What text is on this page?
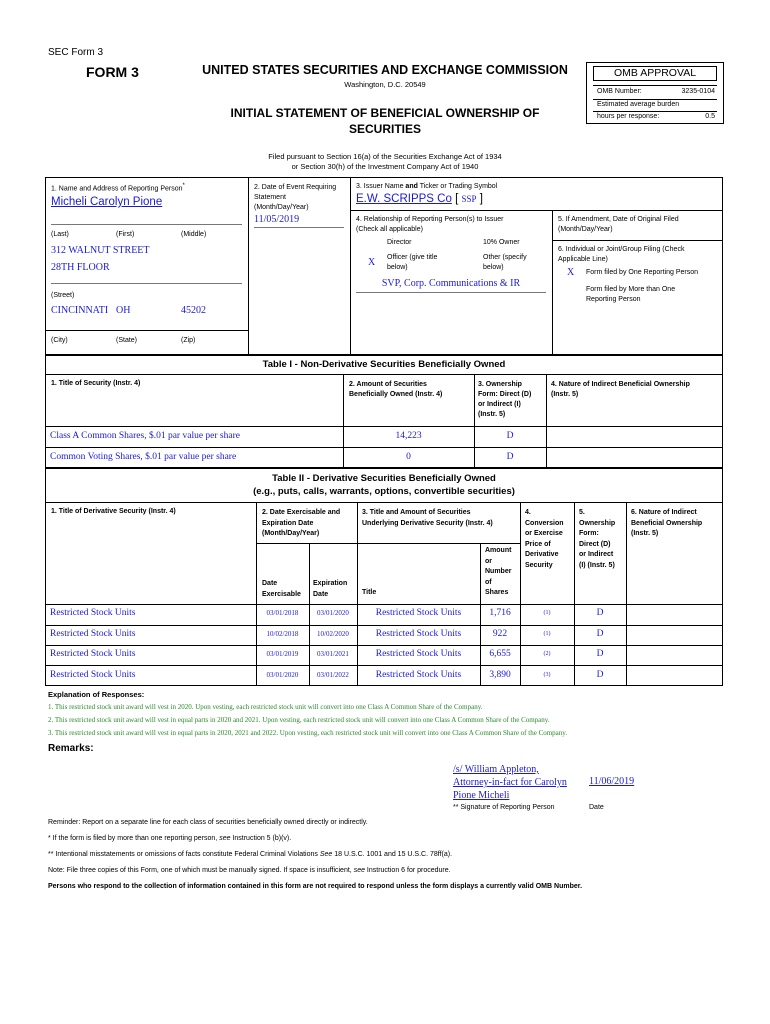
SEC Form 3
FORM 3	UNITED STATES SECURITIES AND EXCHANGE COMMISSION
Washington, D.C. 20549
INITIAL STATEMENT OF BENEFICIAL OWNERSHIP OF
SECURITIES
Filed pursuant to Section 16(a) of the Securities Exchange Act of 1934
or Section 30(h) of the Investment Company Act of 1940
OMB APPROVAL
OMB Number:	3235-0104
Estimated average burden
hours per response:	0.5
1. Name and Address of Reporting Person*
Micheli Carolyn Pione
(Last)	(First)	(Middle)
312 WALNUT STREET
28TH FLOOR
(Street)
CINCINNATI OH	45202
(City)	(State)	(Zip)
2. Date of Event Requiring
Statement
(Month/Day/Year)
11/05/2019
3. Issuer Name and Ticker or Trading Symbol
E.W. SCRIPPS Co [ SSP ]
4. Relationship of Reporting Person(s) to Issuer
(Check all applicable)
Director	10% Owner
X Officer (give title
below)
Other (specify
below)
SVP, Corp. Communications & IR
5. If Amendment, Date of Original Filed
(Month/Day/Year)
6. Individual or Joint/Group Filing (Check
Applicable Line)
X Form filed by One Reporting Person
Form filed by More than One
Reporting Person
Table I - Non-Derivative Securities Beneficially Owned
1. Title of Security (Instr. 4)	2. Amount of Securities
Beneficially Owned (Instr. 4)
3. Ownership
Form: Direct (D)
or Indirect (I)
(Instr. 5)
4. Nature of Indirect Beneficial Ownership
(Instr. 5)
Class A Common Shares, $.01 par value per share	14,223	D
Common Voting Shares, $.01 par value per share	0	D
Table II - Derivative Securities Beneficially Owned
(e.g., puts, calls, warrants, options, convertible securities)
1. Title of Derivative Security (Instr. 4)	2. Date Exercisable and
Expiration Date
(Month/Day/Year)
Date
Exercisable
Expiration
Date
3. Title and Amount of Securities
Underlying Derivative Security (Instr. 4)
Title
Amount
or
Number
of
Shares
4.
Conversion
or Exercise
Price of
Derivative
Security
5.
Ownership
Form:
Direct (D)
or Indirect
(I) (Instr. 5)
6. Nature of Indirect
Beneficial Ownership
(Instr. 5)
Restricted Stock Units	03/01/2018	03/01/2020	Restricted Stock Units	1,716	(1)	D
Restricted Stock Units	10/02/2018	10/02/2020	Restricted Stock Units	922	(1)	D
Restricted Stock Units	03/01/2019	03/01/2021	Restricted Stock Units	6,655	(2)	D
Restricted Stock Units	03/01/2020	03/01/2022	Restricted Stock Units	3,890	(3)	D
Explanation of Responses:
1. This restricted stock unit award will vest in 2020. Upon vesting, each restricted stock unit will convert into one Class A Common Share of the Company.
2. This restricted stock unit award will vest in equal parts in 2020 and 2021. Upon vesting, each restricted stock unit will convert into one Class A Common Share of the Company.
3. This restricted stock unit award will vest in equal parts in 2020, 2021 and 2022. Upon vesting, each restricted stock unit will convert into one Class A Common Share of the Company.
Remarks:
/s/ William Appleton,
Attorney-in-fact for Carolyn
Pione Micheli
11/06/2019
** Signature of Reporting Person	Date
Reminder: Report on a separate line for each class of securities beneficially owned directly or indirectly.
* If the form is filed by more than one reporting person, see Instruction 5 (b)(v).
** Intentional misstatements or omissions of facts constitute Federal Criminal Violations See 18 U.S.C. 1001 and 15 U.S.C. 78ff(a).
Note: File three copies of this Form, one of which must be manually signed. If space is insufficient, see Instruction 6 for procedure.
Persons who respond to the collection of information contained in this form are not required to respond unless the form displays a currently valid OMB Number.
